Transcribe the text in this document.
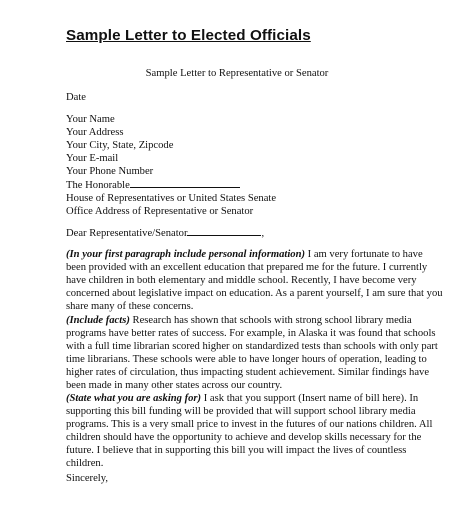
Sample Letter to Elected Officials
Sample Letter to Representative or Senator
Date
Your Name
Your Address
Your City, State, Zipcode
Your E-mail
Your Phone Number
The Honorable
House of Representatives or United States Senate
Office Address of Representative or Senator
Dear Representative/Senator	,
(In your first paragraph include personal information) I am very fortunate to have
been provided with an excellent education that prepared me for the future. I currently
have children in both elementary and middle school. Recently, I have become very
concerned about legislative impact on education. As a parent yourself, I am sure that you
share many of these concerns.
(Include facts) Research has shown that schools with strong school library media
programs have better rates of success. For example, in Alaska it was found that schools
with a full time librarian scored higher on standardized tests than schools with only part
time librarians. These schools were able to have longer hours of operation, leading to
higher rates of circulation, thus impacting student achievement. Similar findings have
been made in many other states across our country.
(State what you are asking for) I ask that you support (Insert name of bill here). In
supporting this bill funding will be provided that will support school library media
programs. This is a very small price to invest in the futures of our nations children. All
children should have the opportunity to achieve and develop skills necessary for the
future. I believe that in supporting this bill you will impact the lives of countless
children.
Sincerely,
